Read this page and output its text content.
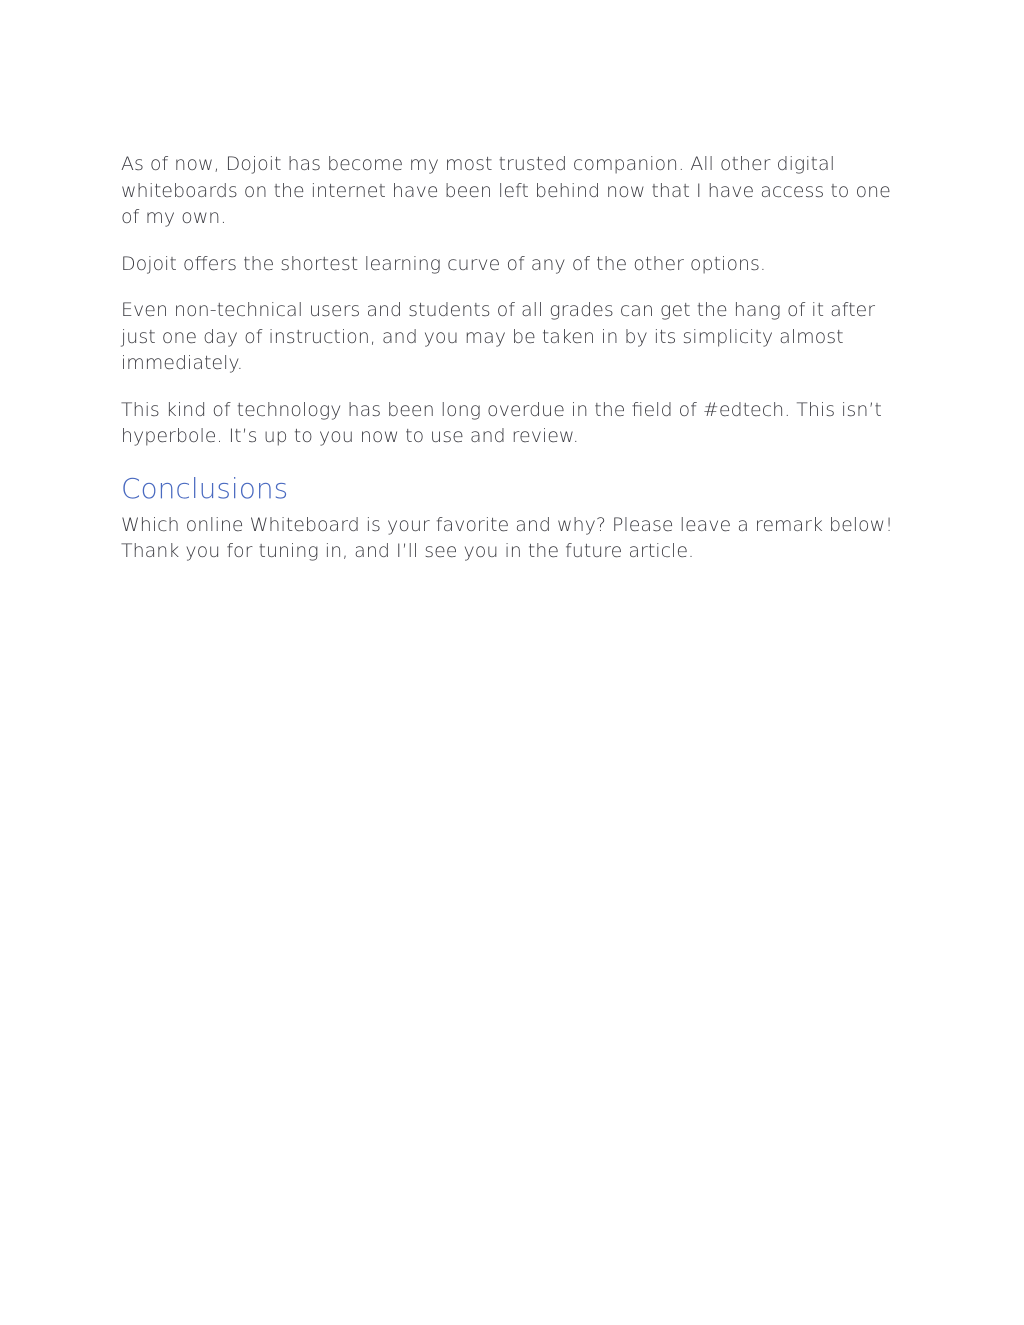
As of now, Dojoit has become my most trusted companion. All other digital whiteboards on the internet have been left behind now that I have access to one of my own.

Dojoit offers the shortest learning curve of any of the other options.

Even non-technical users and students of all grades can get the hang of it after just one day of instruction, and you may be taken in by its simplicity almost immediately.

This kind of technology has been long overdue in the field of #edtech. This isn’t hyperbole. It’s up to you now to use and review.

Conclusions
Which online Whiteboard is your favorite and why? Please leave a remark below!
Thank you for tuning in, and I’ll see you in the future article.
